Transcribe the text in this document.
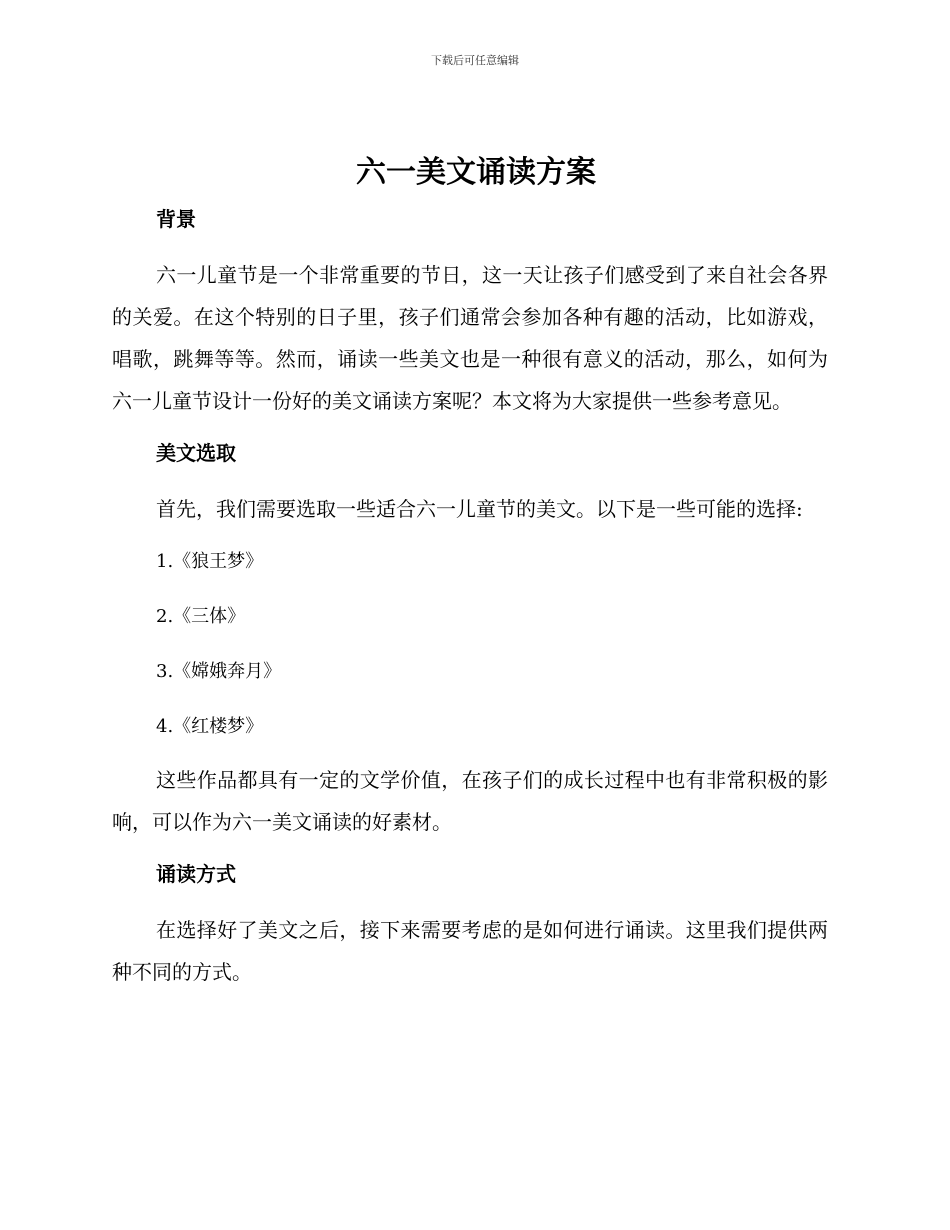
下载后可任意编辑
六一美文诵读方案
背景

六一儿童节是一个非常重要的节日，这一天让孩子们感受到了来自社会各界的关爱。在这个特别的日子里，孩子们通常会参加各种有趣的活动，比如游戏，唱歌，跳舞等等。然而，诵读一些美文也是一种很有意义的活动，那么，如何为六一儿童节设计一份好的美文诵读方案呢？本文将为大家提供一些参考意见。

美文选取

首先，我们需要选取一些适合六一儿童节的美文。以下是一些可能的选择:

1.《狼王梦》

2.《三体》

3.《嫦娥奔月》

4.《红楼梦》

这些作品都具有一定的文学价值，在孩子们的成长过程中也有非常积极的影响，可以作为六一美文诵读的好素材。

诵读方式

在选择好了美文之后，接下来需要考虑的是如何进行诵读。这里我们提供两种不同的方式。
